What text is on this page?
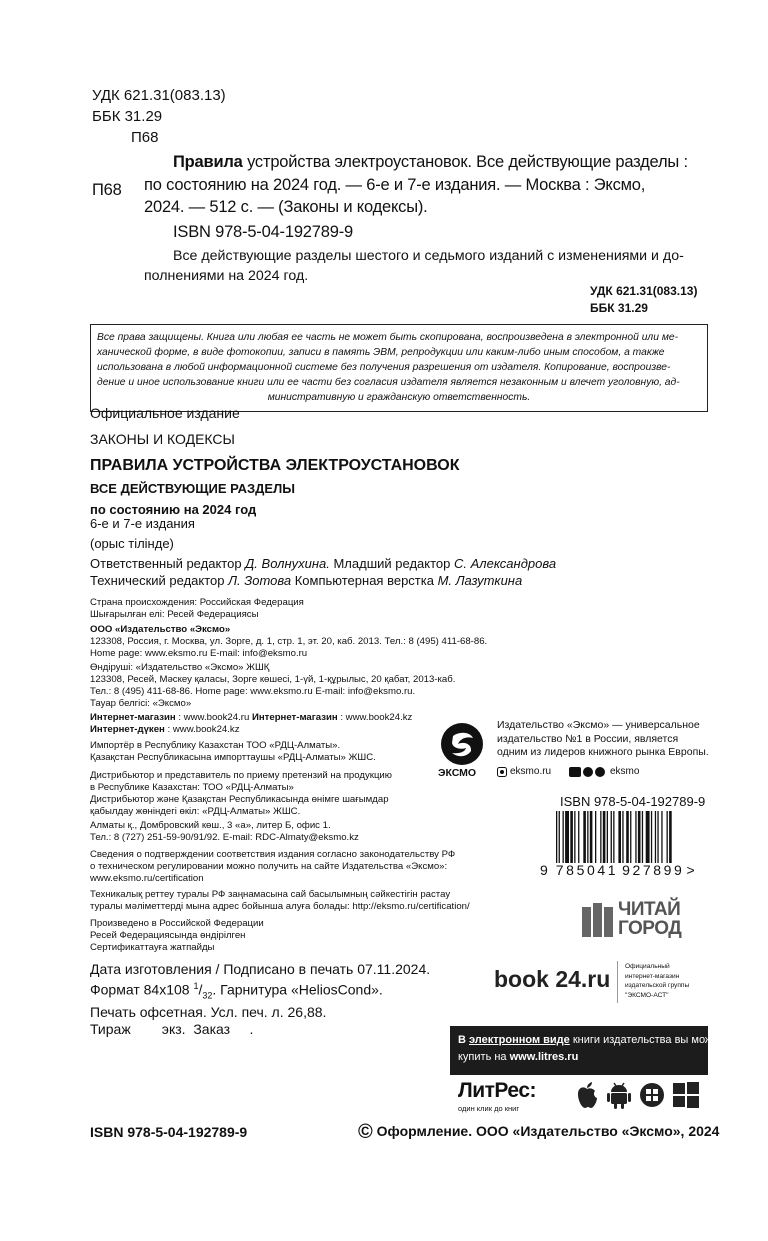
УДК 621.31(083.13)
ББК 31.29
П68
П68
Правила устройства электроустановок. Все действующие разделы :
по состоянию на 2024 год. — 6-е и 7-е издания. — Москва : Эксмо,
2024. — 512 с. — (Законы и кодексы).
ISBN 978-5-04-192789-9
Все действующие разделы шестого и седьмого изданий с изменениями и до-
полнениями на 2024 год.
УДК 621.31(083.13)
ББК 31.29
Все права защищены. Книга или любая ее часть не может быть скопирована, воспроизведена в электронной или ме-
ханической форме, в виде фотокопии, записи в память ЭВМ, репродукции или каким-либо иным способом, а также
использована в любой информационной системе без получения разрешения от издателя. Копирование, воспроизве-
дение и иное использование книги или ее части без согласия издателя является незаконным и влечет уголовную, ад-
министративную и гражданскую ответственность.
Официальное издание
ЗАКОНЫ И КОДЕКСЫ
ПРАВИЛА УСТРОЙСТВА ЭЛЕКТРОУСТАНОВОК
ВСЕ ДЕЙСТВУЮЩИЕ РАЗДЕЛЫ
по состоянию на 2024 год
6-е и 7-е издания
(орыс тілінде)
Ответственный редактор Д. Волнухина. Младший редактор С. Александрова
Технический редактор Л. Зотова Компьютерная верстка М. Лазуткина
Страна происхождения: Российская Федерация
Шығарылған елі: Ресей Федерациясы
ООО «Издательство «Эксмо»
123308, Россия, г. Москва, ул. Зорге, д. 1, стр. 1, эт. 20, каб. 2013. Тел.: 8 (495) 411-68-86.
Home page: www.eksmo.ru E-mail: info@eksmo.ru
Өндіруші: «Издательство «Эксмо» ЖШҚ
123308, Ресей, Мәскеу қаласы, Зорге көшесі, 1-үй, 1-құрылыс, 20 қабат, 2013-каб.
Тел.: 8 (495) 411-68-86. Home page: www.eksmo.ru E-mail: info@eksmo.ru.
Тауар белгісі: «Эксмо»
Интернет-магазин : www.book24.ru Интернет-магазин : www.book24.kz
Интернет-дүкен : www.book24.kz
Импортёр в Республику Казахстан ТОО «РДЦ-Алматы».
Қазақстан Республикасына импорттаушы «РДЦ-Алматы» ЖШС.
Дистрибьютор и представитель по приему претензий на продукцию
в Республике Казахстан: ТОО «РДЦ-Алматы»
Дистрибьютор және Қазақстан Республикасында өнімге шағымдар
қабылдау жөніндегі өкіл: «РДЦ-Алматы» ЖШС.
Алматы қ., Домбровский көш., 3 «а», литер Б, офис 1.
Тел.: 8 (727) 251-59-90/91/92. E-mail: RDC-Almaty@eksmo.kz
Сведения о подтверждении соответствия издания согласно законодательству РФ
о техническом регулировании можно получить на сайте Издательства «Эксмо»:
www.eksmo.ru/certification
Техникалық реттеу туралы РФ заңнамасына сай басылымның сәйкестігін растау
туралы мәліметтерді мына адрес бойынша алуға болады: http://eksmo.ru/certification/
Произведено в Российской Федерации
Ресей Федерациясында өндірілген
Сертификаттауға жатпайды
Дата изготовления / Подписано в печать 07.11.2024.
Формат 84х108 $^1/_{32}$. Гарнитура «HeliosCond».
Печать офсетная. Усл. печ. л. 26,88.
Тираж        экз.  Заказ     .
ЭКСМО
Издательство «Эксмо» — универсальное
издательство №1 в России, является
одним из лидеров книжного рынка Европы.
eksmo.ru	eksmo
ISBN 978-5-04-192789-9
9 785041 927899 >
ЧИТАЙ
ГОРОД
book 24.ru Официальный
интернет-магазин
издательской группы
"ЭКСМО-АСТ"
В электронном виде книги издательства вы можете
купить на www.litres.ru
ЛитРес:
один клик до книг
ISBN 978-5-04-192789-9	© Оформление. ООО «Издательство «Эксмо», 2024
